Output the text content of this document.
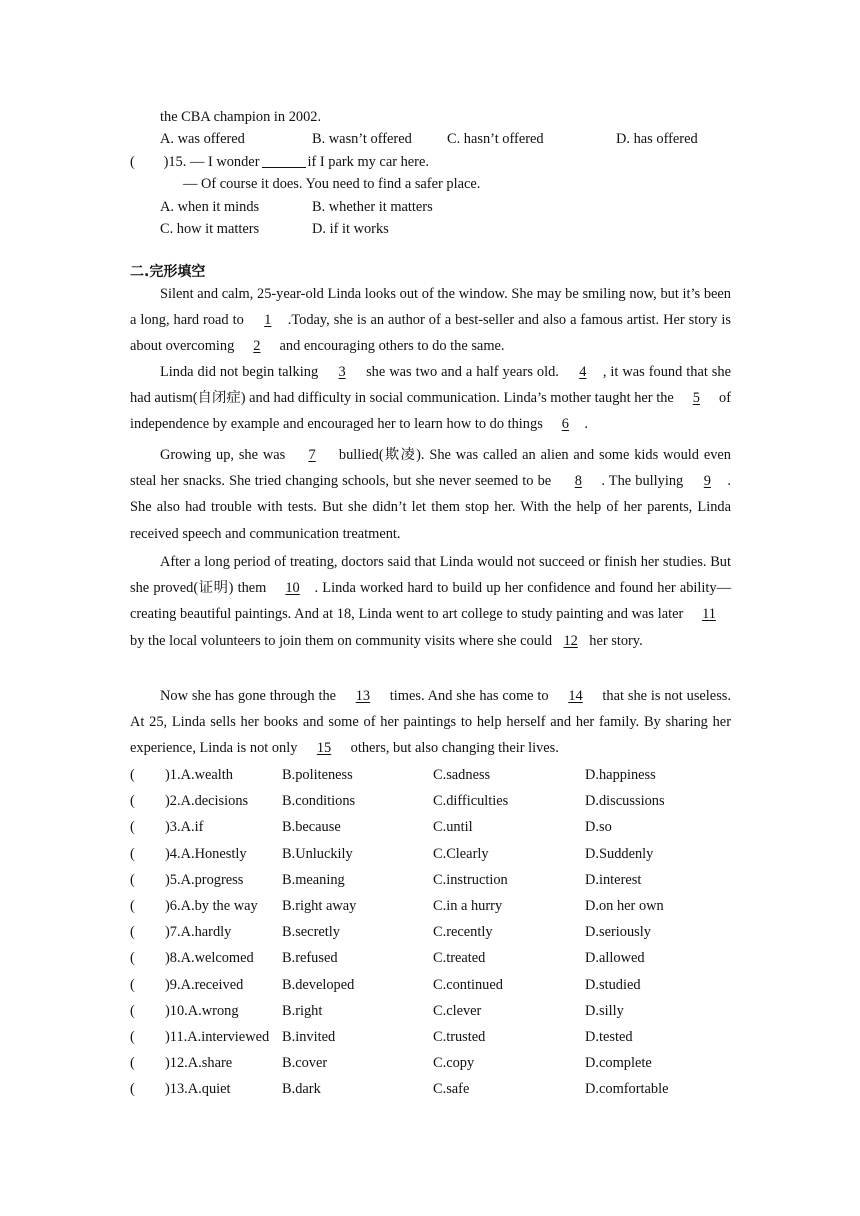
the CBA champion in 2002.
A. was offered	B. wasn’t offered C. hasn’t offered	D. has offered
(        )15. — I wonder	if I park my car here.
— Of course it does. You need to find a safer place.
A. when it minds	B. whether it matters
C. how it matters	D. if it works
二.完形填空
Silent and calm, 25-year-old Linda looks out of the window. She may be smiling now, but it’s been a long, hard road to 1 .Today, she is an author of a best-seller and also a famous artist. Her story is about overcoming 2 and encouraging others to do the same.
Linda did not begin talking 3 she was two and a half years old. 4 , it was found that she had autism(自闭症) and had difficulty in social communication. Linda’s mother taught her the 5 of independence by example and encouraged her to learn how to do things 6 .
Growing up, she was 7 bullied(欺凌). She was called an alien and some kids would even steal her snacks. She tried changing schools, but she never seemed to be 8 . The bullying 9 . She also had trouble with tests. But she didn’t let them stop her. With the help of her parents, Linda received speech and communication treatment.
After a long period of treating, doctors said that Linda would not succeed or finish her studies. But she proved(证明) them 10 . Linda worked hard to build up her confidence and found her ability—creating beautiful paintings. And at 18, Linda went to art college to study painting and was later 11 by the local volunteers to join them on community visits where she could 12 her story.
Now she has gone through the 13 times. And she has come to 14 that she is not useless. At 25, Linda sells her books and some of her paintings to help herself and her family. By sharing her experience, Linda is not only 15 others, but also changing their lives.
( )1.A.wealth	B.politeness	C.sadness	D.happiness
( )2.A.decisions B.conditions	C.difficulties	D.discussions
( )3.A.if	B.because	C.until	D.so
( )4.A.Honestly B.Unluckily	C.Clearly	D.Suddenly
( )5.A.progress	B.meaning	C.instruction	D.interest
( )6.A.by the way B.right away	C.in a hurry	D.on her own
( )7.A.hardly	B.secretly	C.recently	D.seriously
( )8.A.welcomed B.refused	C.treated	D.allowed
( )9.A.received	B.developed	C.continued	D.studied
( )10.A.wrong	B.right	C.clever	D.silly
( )11.A.interviewed B.invited	C.trusted	D.tested
( )12.A.share	B.cover	C.copy	D.complete
( )13.A.quiet	B.dark	C.safe	D.comfortable
